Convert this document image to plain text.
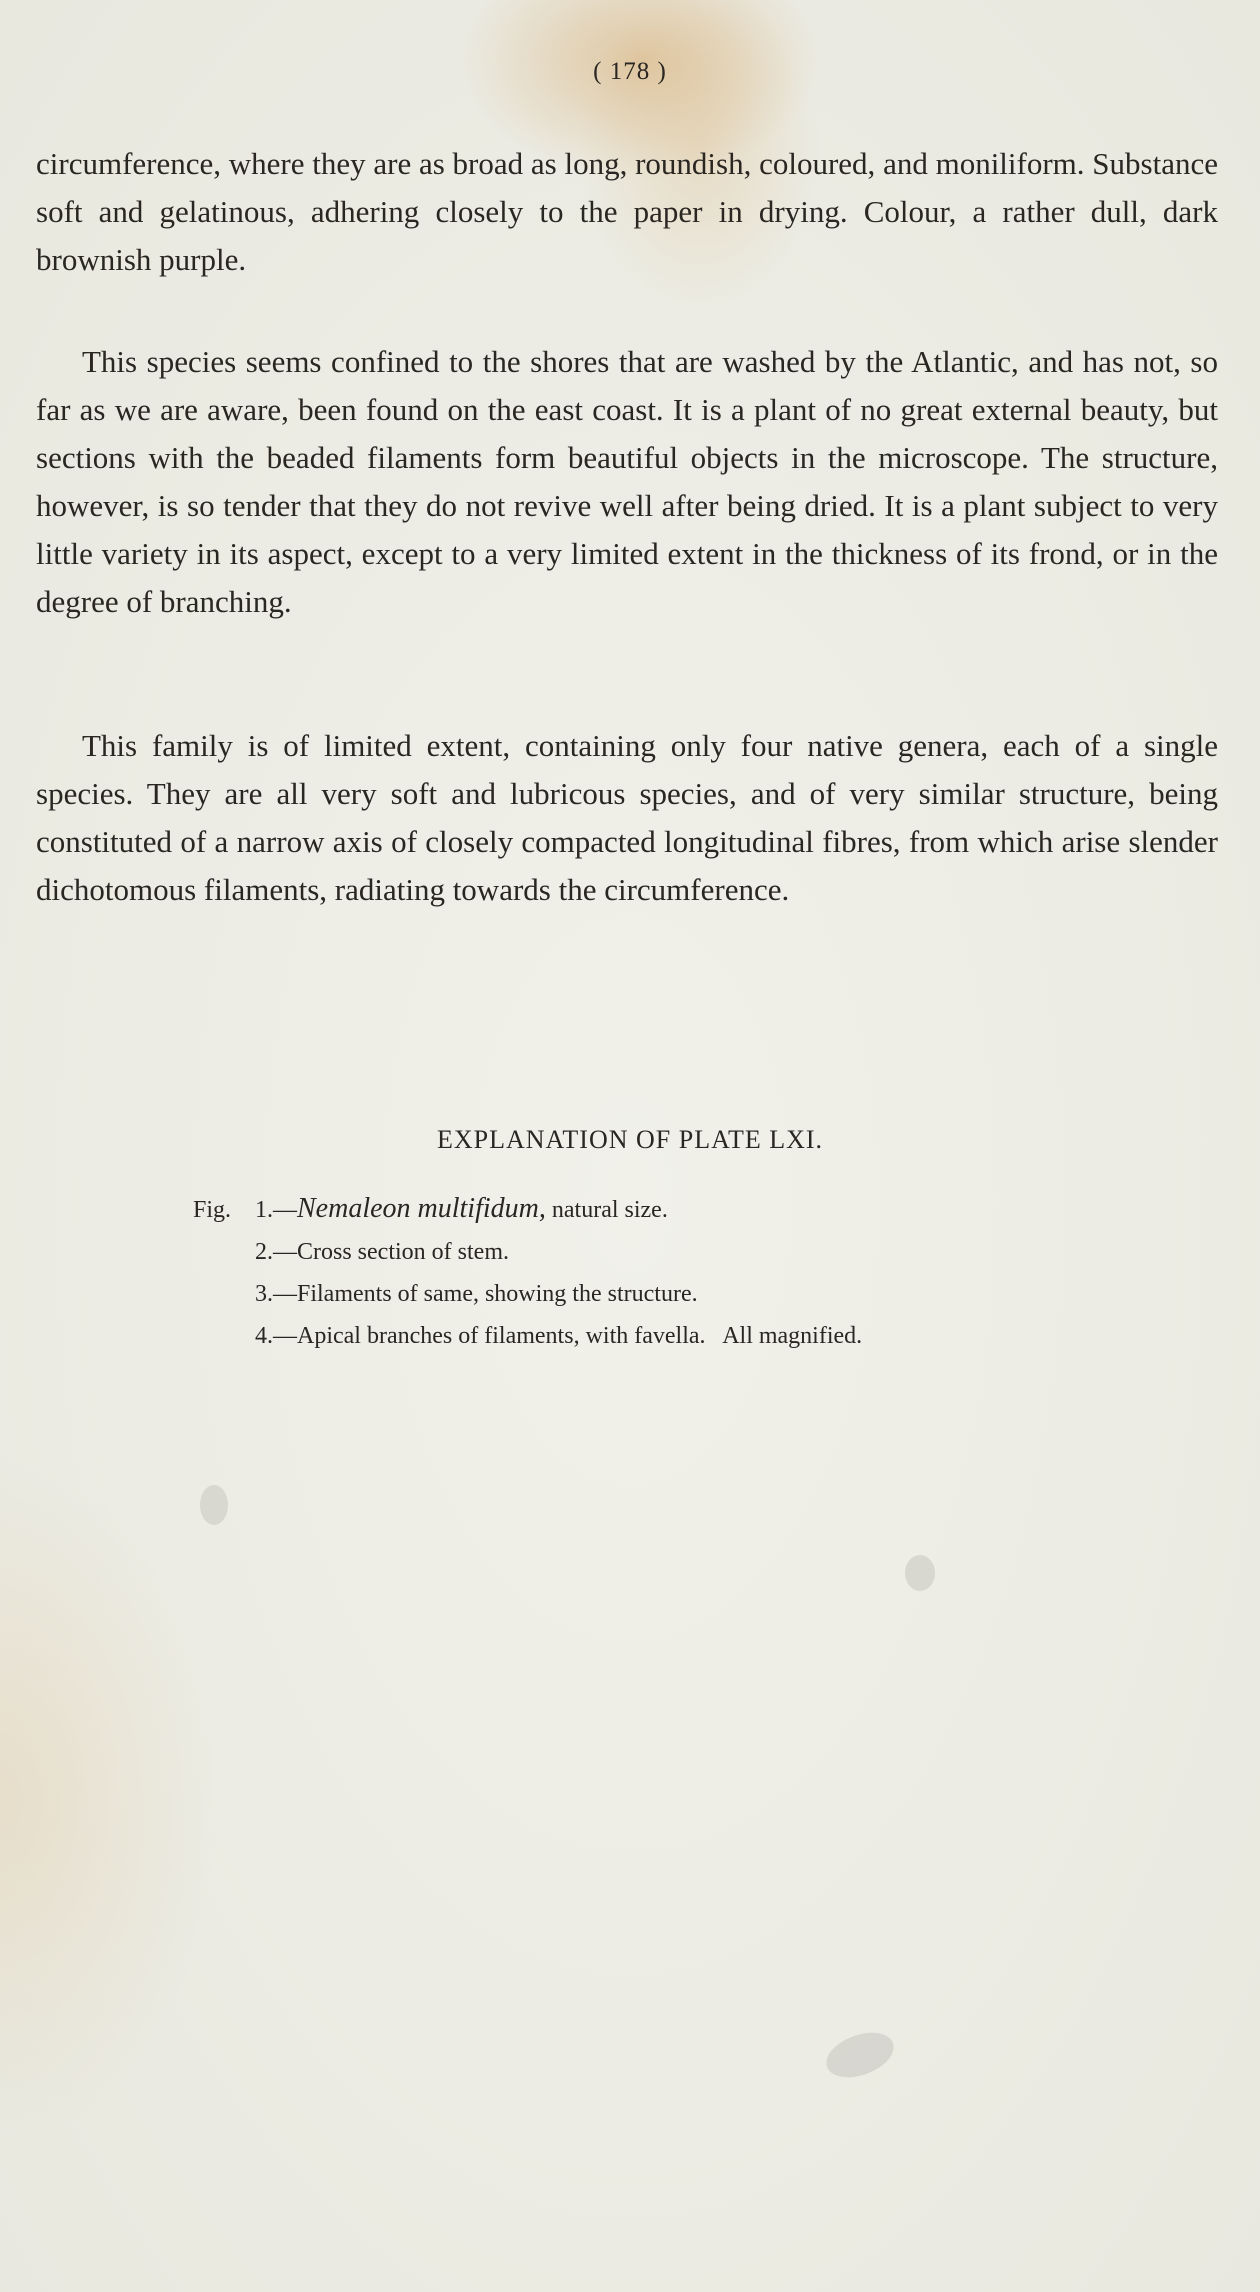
( 178 )

circumference, where they are as broad as long, roundish, coloured, and moniliform. Substance soft and gelatinous, adhering closely to the paper in drying. Colour, a rather dull, dark brownish purple.

This species seems confined to the shores that are washed by the Atlantic, and has not, so far as we are aware, been found on the east coast. It is a plant of no great external beauty, but sections with the beaded filaments form beautiful objects in the microscope. The structure, however, is so tender that they do not revive well after being dried. It is a plant subject to very little variety in its aspect, except to a very limited extent in the thickness of its frond, or in the degree of branching.

This family is of limited extent, containing only four native genera, each of a single species. They are all very soft and lubricous species, and of very similar structure, being constituted of a narrow axis of closely compacted longitudinal fibres, from which arise slender dichotomous filaments, radiating towards the circumference.

EXPLANATION OF PLATE LXI.
Fig. 1.—Nemaleon multifidum, natural size.
2.—Cross section of stem.
3.—Filaments of same, showing the structure.
4.—Apical branches of filaments, with favella.   All magnified.
